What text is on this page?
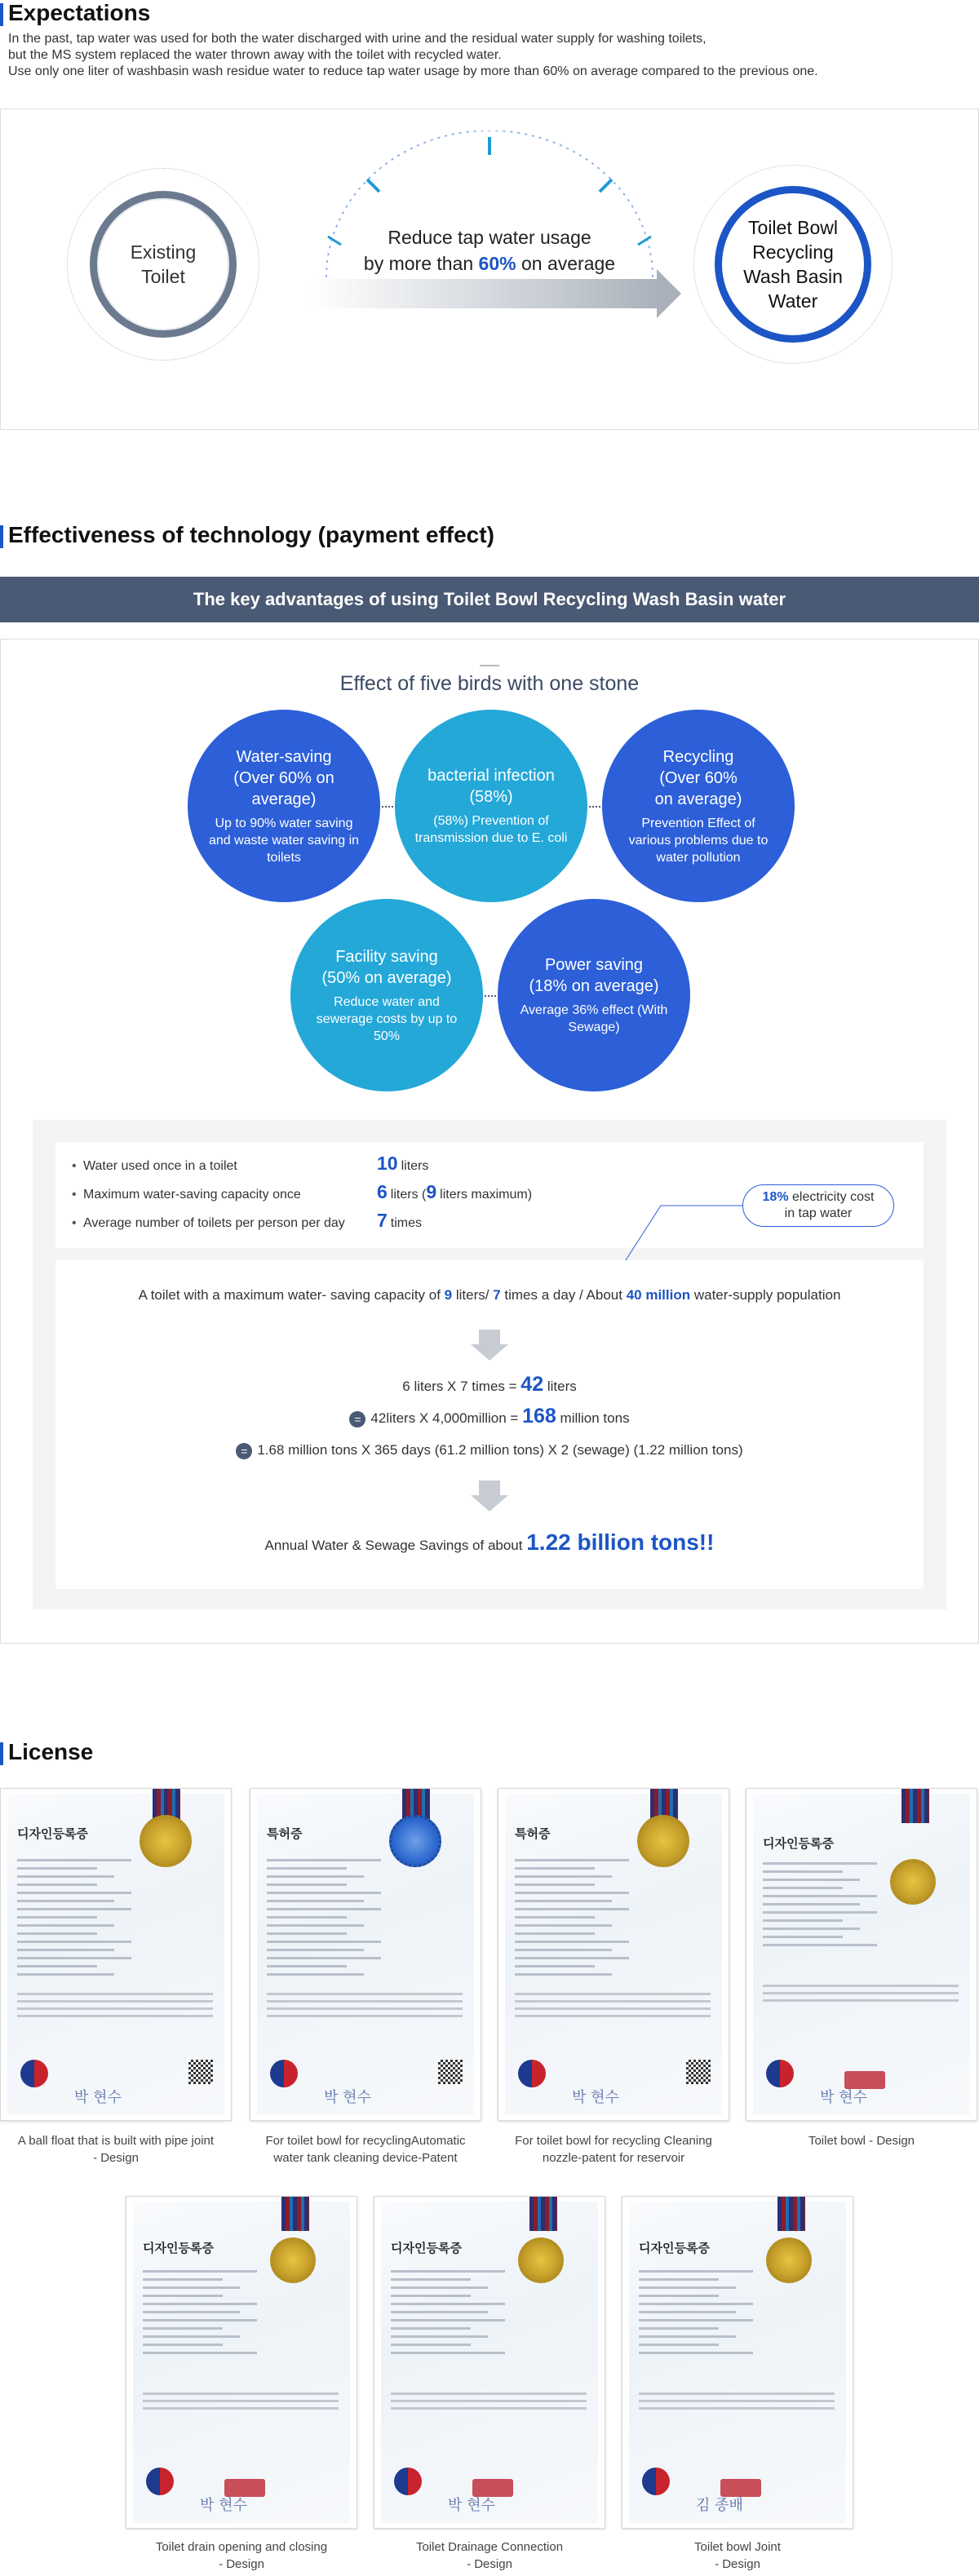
Expectations
In the past, tap water was used for both the water discharged with urine and the residual water supply for washing toilets,
but the MS system replaced the water thrown away with the toilet with recycled water.
Use only one liter of washbasin wash residue water to reduce tap water usage by more than 60% on average compared to the previous one.
Existing
Toilet
Reduce tap water usage
by more than 60% on average
Toilet Bowl
Recycling
Wash Basin
Water
Effectiveness of technology (payment effect)
The key advantages of using Toilet Bowl Recycling Wash Basin water
Effect of five birds with one stone
Water-saving
(Over 60% on average)
Up to 90% water saving and waste water saving in toilets
bacterial infection
(58%)
(58%) Prevention of transmission due to E. coli
Recycling
(Over 60%
on average)
Prevention Effect of various problems due to water pollution
Facility saving
(50% on average)
Reduce water and sewerage costs by up to 50%
Power saving
(18% on average)
Average 36% effect (With Sewage)
• Water used once in a toilet	10 liters
• Maximum water-saving capacity once	6 liters ( 9 liters maximum)
• Average number of toilets per person per day	7 times
18% electricity cost
in tap water
A toilet with a maximum water- saving capacity of 9 liters/ 7 times a day / About 40 million water-supply population
6 liters X 7 times = 42 liters
= 42liters X 4,000million = 168 million tons
= 1.68 million tons X 365 days (61.2 million tons) X 2 (sewage) (1.22 million tons)
Annual Water & Sewage Savings of about 1.22 billion tons!!
License
디자인등록증
박 현수
A ball float that is built with pipe joint
- Design
특허증
박 현수
For toilet bowl for recyclingAutomatic
water tank cleaning device-Patent
특허증
박 현수
For toilet bowl for recycling Cleaning
nozzle-patent for reservoir
디자인등록증
박 현수
Toilet bowl - Design
디자인등록증
박 현수
Toilet drain opening and closing
- Design
디자인등록증
박 현수
Toilet Drainage Connection
- Design
디자인등록증
김 종배
Toilet bowl Joint
- Design
